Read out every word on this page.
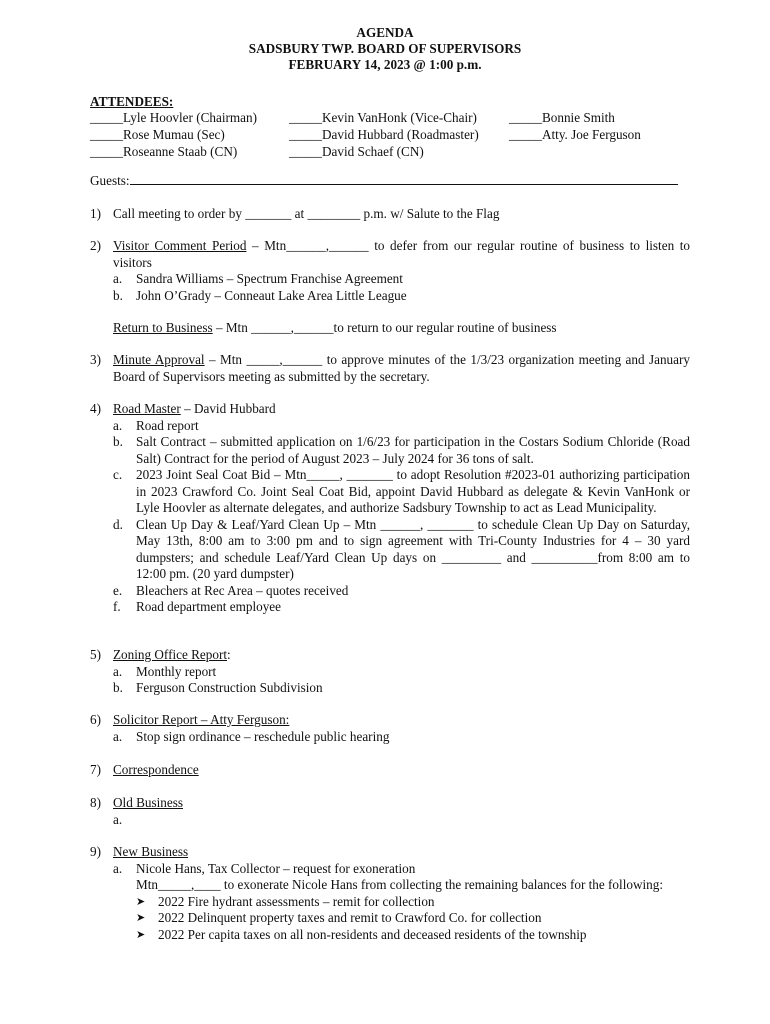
AGENDA
SADSBURY TWP. BOARD OF SUPERVISORS
FEBRUARY 14, 2023 @ 1:00 p.m.
ATTENDEES:
_____Lyle Hoovler (Chairman) _____Kevin VanHonk (Vice-Chair) _____Bonnie Smith
_____Rose Mumau (Sec)	_____David Hubbard (Roadmaster) _____Atty. Joe Ferguson
_____Roseanne Staab (CN)	_____David Schaef (CN)
Guests:
1) Call meeting to order by _______ at ________ p.m. w/ Salute to the Flag
2) Visitor Comment Period – Mtn______,______ to defer from our regular routine of business to listen to visitors
a. Sandra Williams – Spectrum Franchise Agreement
b. John O’Grady – Conneaut Lake Area Little League
Return to Business – Mtn ______,______to return to our regular routine of business
3) Minute Approval – Mtn _____,______ to approve minutes of the 1/3/23 organization meeting and January Board of Supervisors meeting as submitted by the secretary.
4) Road Master – David Hubbard
a. Road report
b. Salt Contract – submitted application on 1/6/23 for participation in the Costars Sodium Chloride (Road Salt) Contract for the period of August 2023 – July 2024 for 36 tons of salt.
c. 2023 Joint Seal Coat Bid – Mtn_____, _______ to adopt Resolution #2023-01 authorizing participation in 2023 Crawford Co. Joint Seal Coat Bid, appoint David Hubbard as delegate & Kevin VanHonk or Lyle Hoovler as alternate delegates, and authorize Sadsbury Township to act as Lead Municipality.
d. Clean Up Day & Leaf/Yard Clean Up – Mtn ______, _______ to schedule Clean Up Day on Saturday, May 13th, 8:00 am to 3:00 pm and to sign agreement with Tri-County Industries for 4 – 30 yard dumpsters; and schedule Leaf/Yard Clean Up days on _________ and __________from 8:00 am to 12:00 pm. (20 yard dumpster)
e. Bleachers at Rec Area – quotes received
f. Road department employee
5) Zoning Office Report:
a. Monthly report
b. Ferguson Construction Subdivision
6) Solicitor Report – Atty Ferguson:
a. Stop sign ordinance – reschedule public hearing
7) Correspondence
8) Old Business
a.
9) New Business
a. Nicole Hans, Tax Collector – request for exoneration
Mtn_____,____ to exonerate Nicole Hans from collecting the remaining balances for the following:
➤ 2022 Fire hydrant assessments – remit for collection
➤ 2022 Delinquent property taxes and remit to Crawford Co. for collection
➤ 2022 Per capita taxes on all non-residents and deceased residents of the township
